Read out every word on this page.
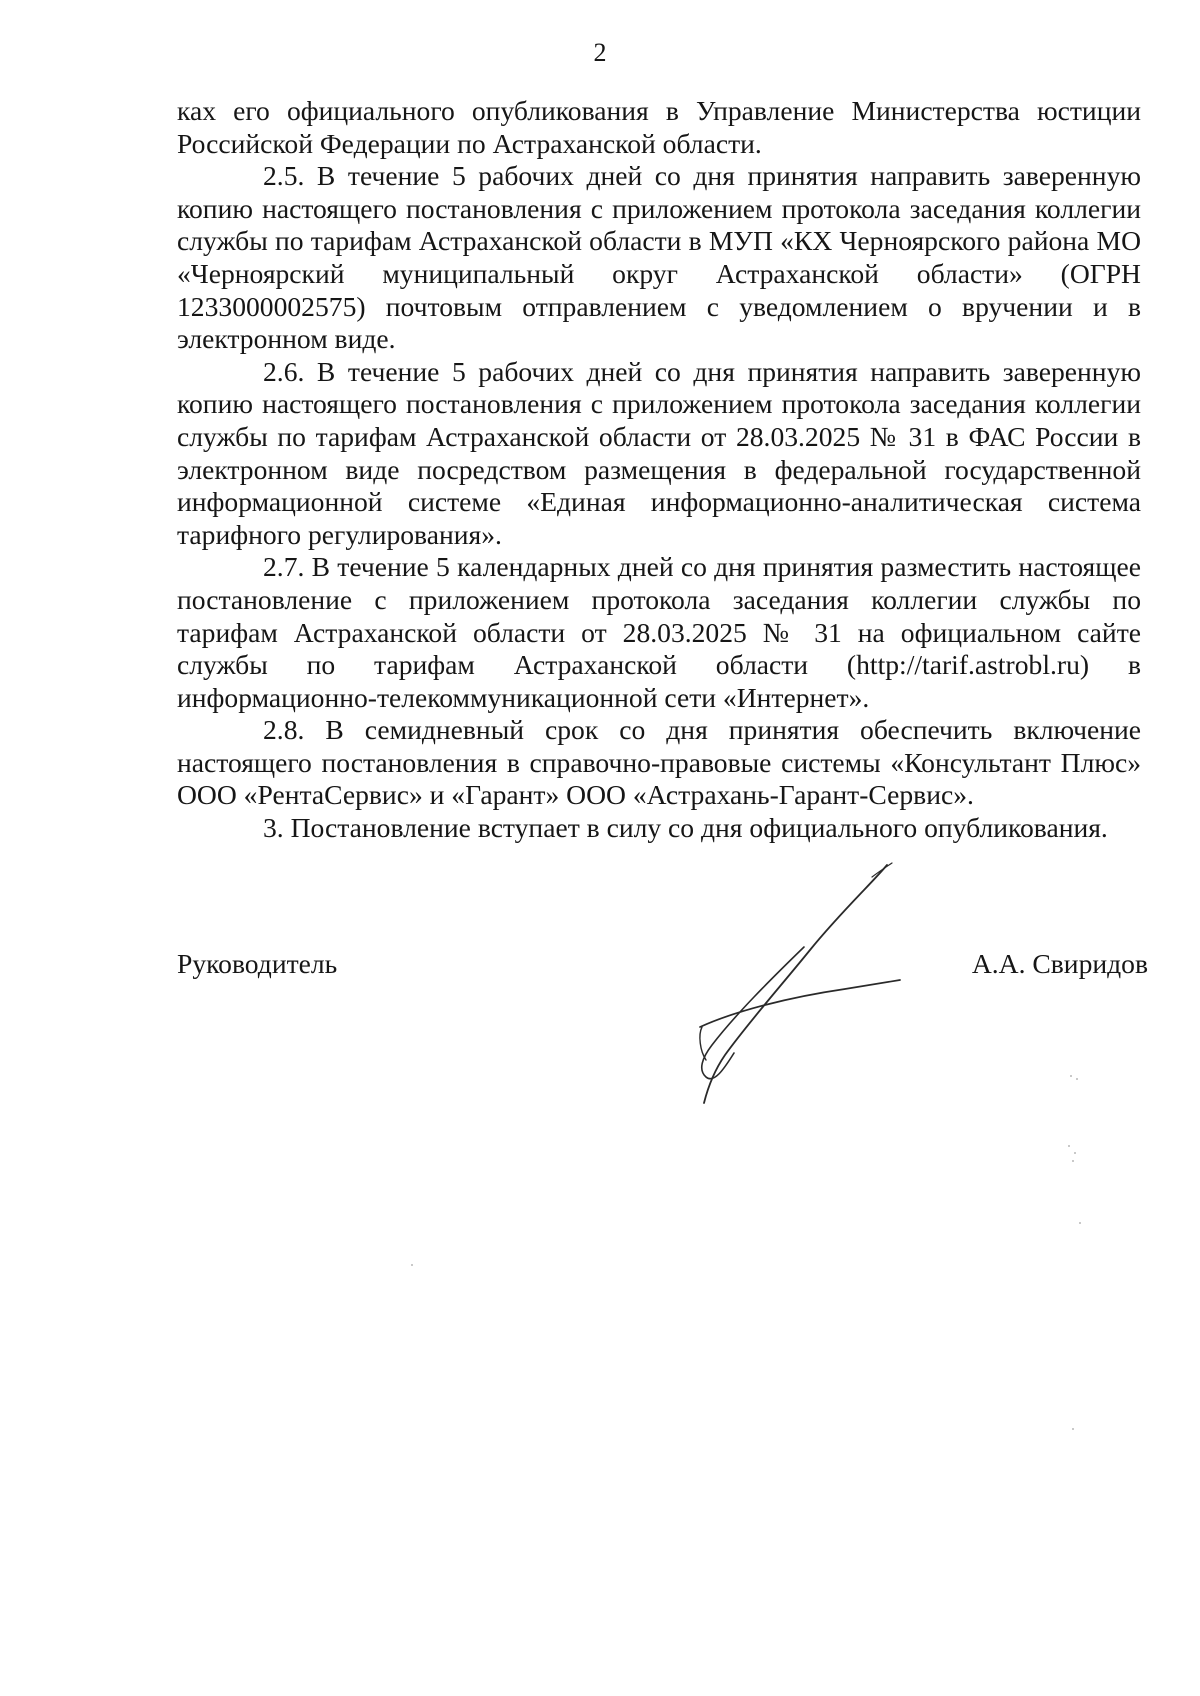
2

ках его официального опубликования в Управление Министерства юстиции Российской Федерации по Астраханской области.

2.5. В течение 5 рабочих дней со дня принятия направить заверенную копию настоящего постановления с приложением протокола заседания коллегии службы по тарифам Астраханской области в МУП «КХ Черноярского района МО «Черноярский муниципальный округ Астраханской области» (ОГРН 1233000002575) почтовым отправлением с уведомлением о вручении и в электронном виде.

2.6. В течение 5 рабочих дней со дня принятия направить заверенную копию настоящего постановления с приложением протокола заседания коллегии службы по тарифам Астраханской области от 28.03.2025 № 31 в ФАС России в электронном виде посредством размещения в федеральной государственной информационной системе «Единая информационно-аналитическая система тарифного регулирования».

2.7. В течение 5 календарных дней со дня принятия разместить настоящее постановление с приложением протокола заседания коллегии службы по тарифам Астраханской области от 28.03.2025 № 31 на официальном сайте службы по тарифам Астраханской области (http://tarif.astrobl.ru) в информационно-телекоммуникационной сети «Интернет».

2.8. В семидневный срок со дня принятия обеспечить включение настоящего постановления в справочно-правовые системы «Консультант Плюс» ООО «РентаСервис» и «Гарант» ООО «Астрахань-Гарант-Сервис».

3. Постановление вступает в силу со дня официального опубликования.

Руководитель	А.А. Свиридов
